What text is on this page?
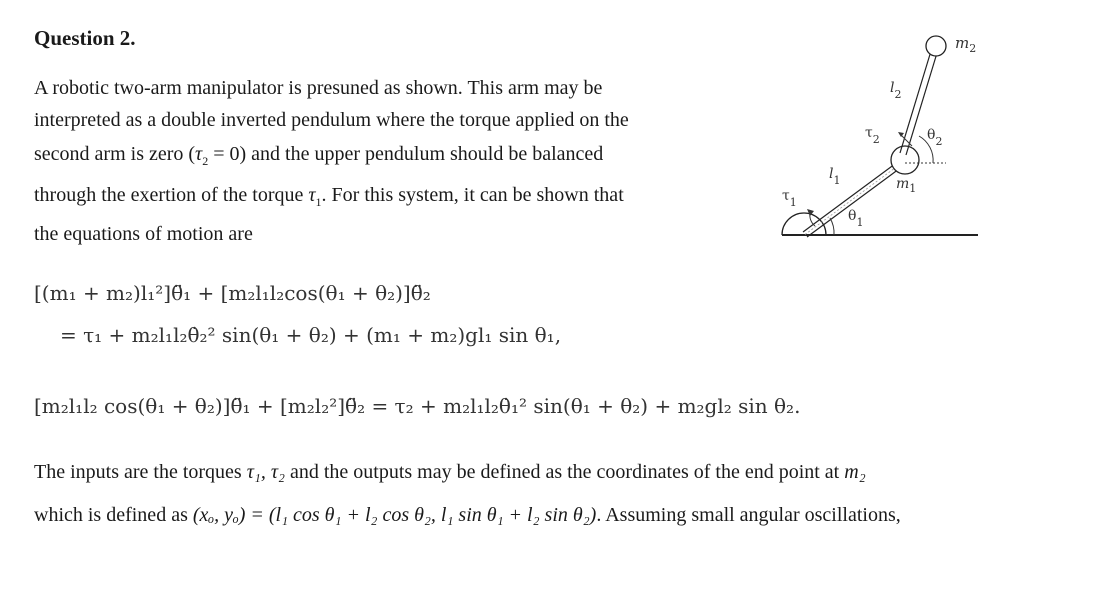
Question 2.
A robotic two-arm manipulator is presuned as shown. This arm may be
interpreted as a double inverted pendulum where the torque applied on the
second arm is zero $(\tau_2 = 0)$ and the upper pendulum should be balanced
through the exertion of the torque $\tau_1$. For this system, it can be shown that
the equations of motion are
[(m₁ + m₂)l₁²]θ̈₁ + [m₂l₁l₂cos(θ₁ + θ₂)]θ̈₂
= τ₁ + m₂l₁l₂θ̇₂² sin(θ₁ + θ₂) + (m₁ + m₂)gl₁ sin θ₁,
[m₂l₁l₂ cos(θ₁ + θ₂)]θ̈₁ + [m₂l₂²]θ̈₂ = τ₂ + m₂l₁l₂θ̇₁² sin(θ₁ + θ₂) + m₂gl₂ sin θ₂.
The inputs are the torques τ₁, τ₂ and the outputs may be defined as the coordinates of the end point at m₂
which is defined as (xₒ, yₒ) = (l₁ cos θ₁ + l₂ cos θ₂, l₁ sin θ₁ + l₂ sin θ₂). Assuming small angular oscillations,
$m_2$
$l_2$
$\tau_2$	$\theta_2$
$l_1$	$m_1$
$\tau_1$
$\theta_1$
